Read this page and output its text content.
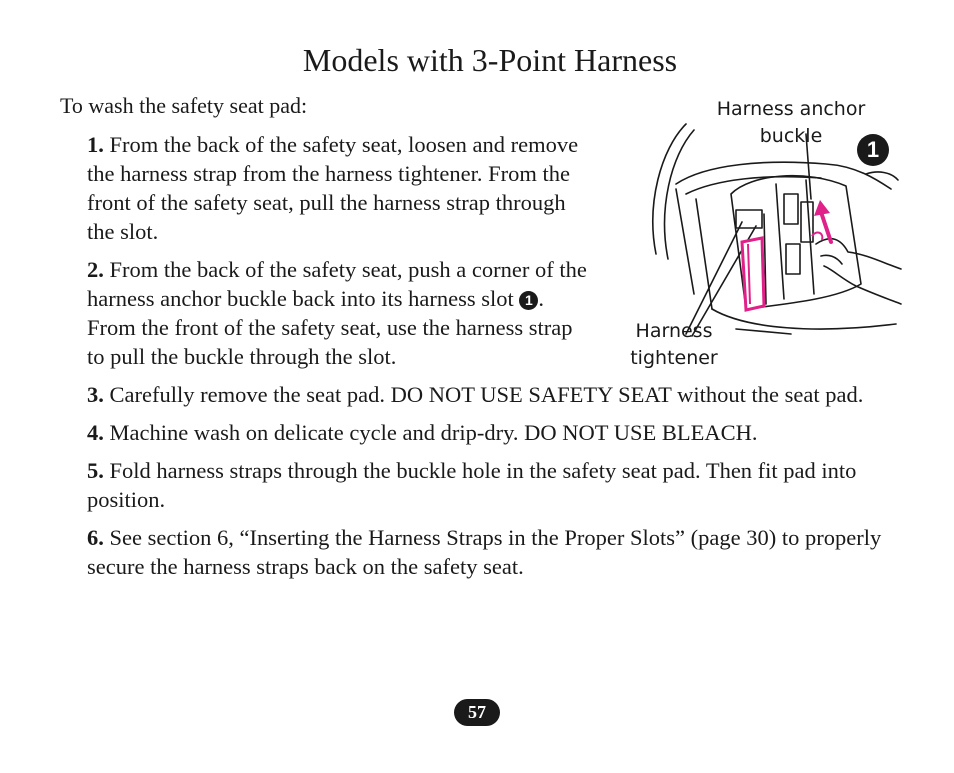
Models with 3-Point Harness
To wash the safety seat pad:

1. From the back of the safety seat, loosen and remove the harness strap from the harness tightener. From the front of the safety seat, pull the harness strap through the slot.

2. From the back of the safety seat, push a corner of the harness anchor buckle back into its harness slot 1 . From the front of the safety seat, use the harness strap to pull the buckle through the slot.

3. Carefully remove the seat pad. DO NOT USE SAFETY SEAT without the seat pad.

4. Machine wash on delicate cycle and drip-dry. DO NOT USE BLEACH.

5. Fold harness straps through the buckle hole in the safety seat pad. Then fit pad into position.

6. See section 6, “Inserting the Harness Straps in the Proper Slots” (page 30) to properly secure the harness straps back on the safety seat.

Harness anchor buckle
1
Harness tightener
57
